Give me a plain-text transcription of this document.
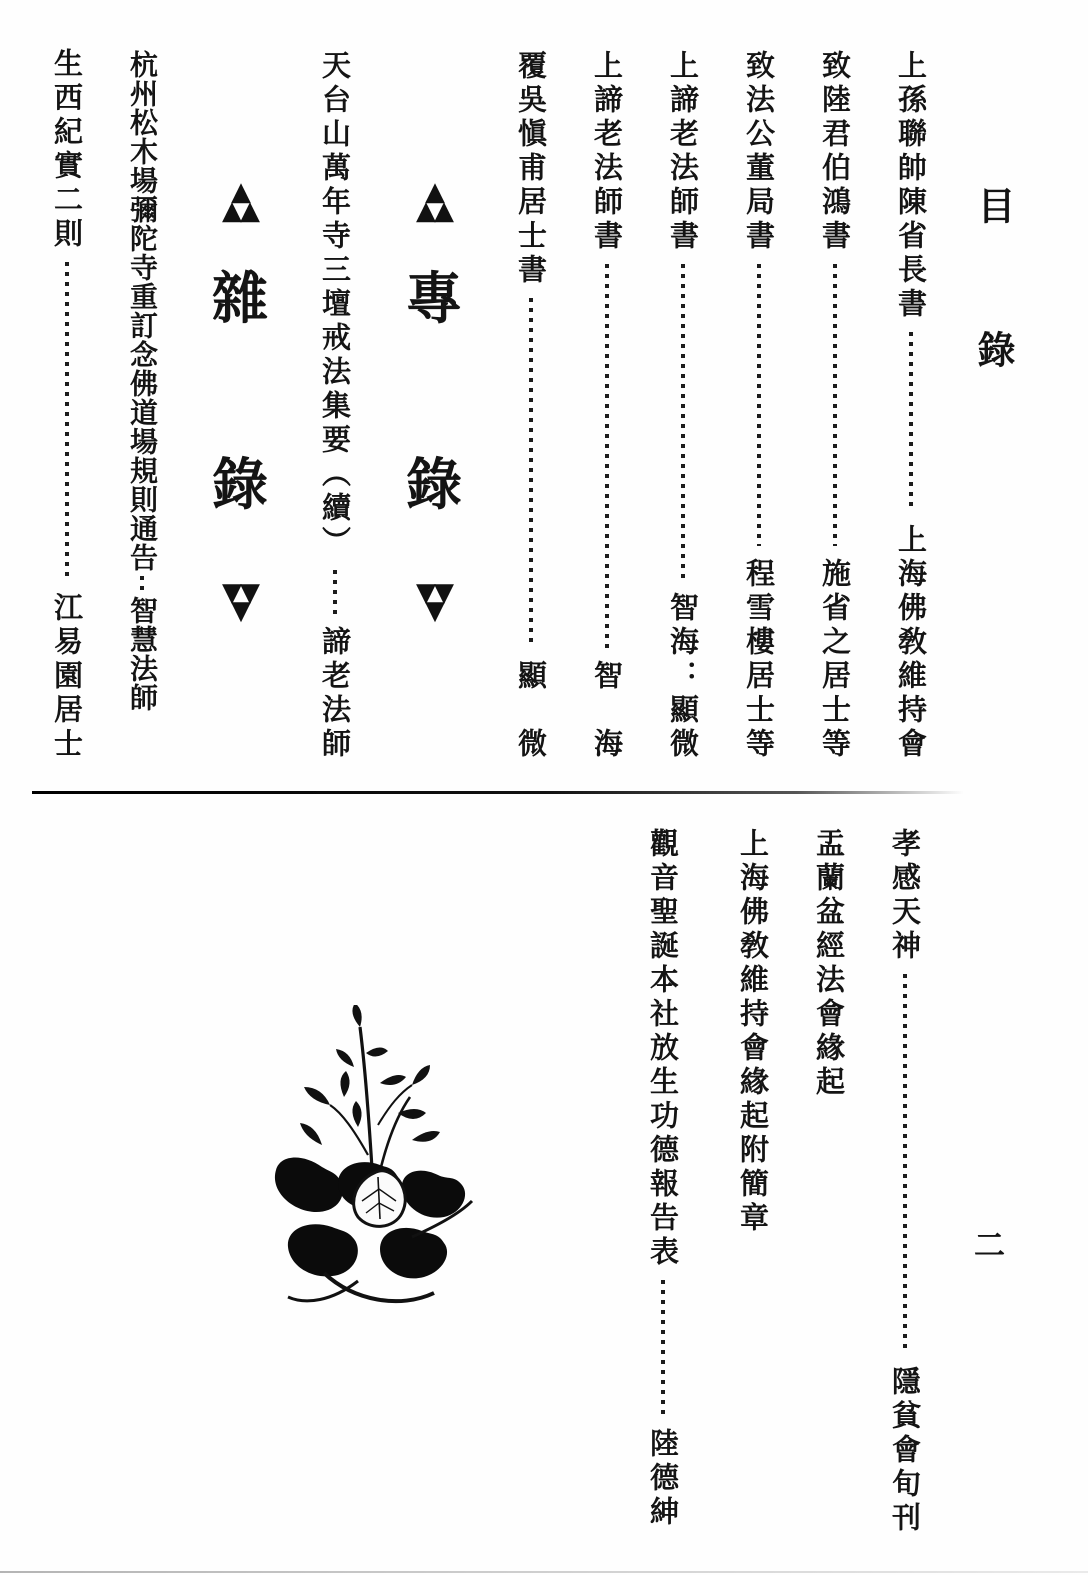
目
錄
上孫聯帥陳省長書
上海佛敎維持會
致陸君伯鴻書
施省之居士等
致法公董局書
程雪樓居士等
上諦老法師書
智海：顯微
上諦老法師書
智　海
覆吳愼甫居士書
顯　微
▲
▲ ▲
專
錄
▼ ▼
▼
天台山萬年寺三壇戒法集要（續）
諦老法師
▲
▲ ▲
雜
錄
▼ ▼
▼
杭州松木場彌陀寺重訂念佛道場規則通告
智慧法師
生西紀實二則
江易園居士
孝感天神
隱貧會旬刊
盂蘭盆經法會緣起
上海佛敎維持會緣起附簡章
觀音聖誕本社放生功德報告表
陸德紳
二
